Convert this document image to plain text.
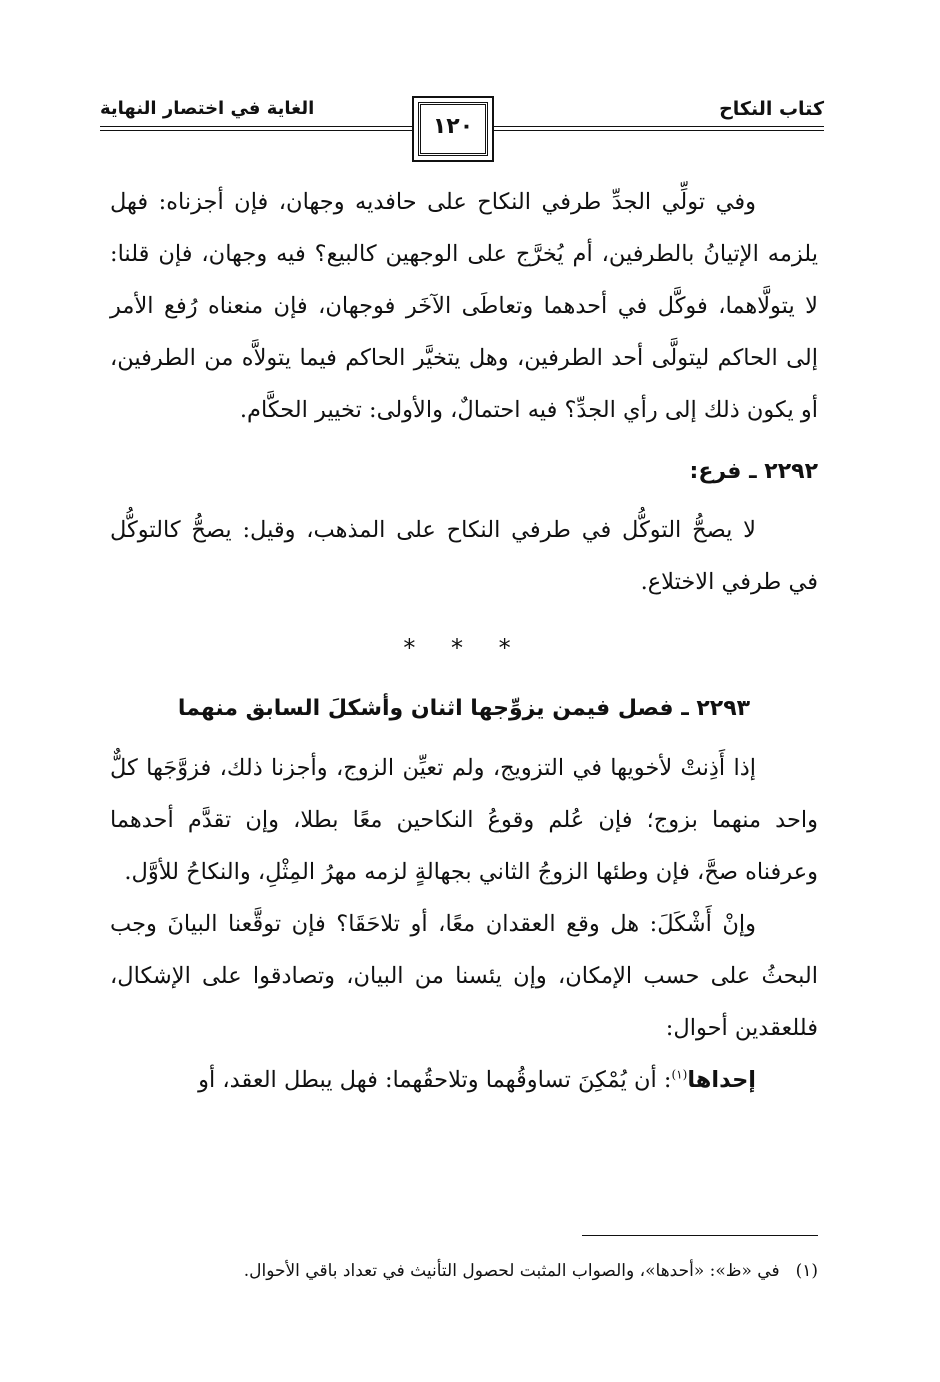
كتاب النكاح
الغاية في اختصار النهاية
١٢٠

وفي تولِّي الجدِّ طرفي النكاح على حافديه وجهان، فإن أجزناه: فهل يلزمه الإتيانُ بالطرفين، أم يُخرَّج على الوجهين كالبيع؟ فيه وجهان، فإن قلنا: لا يتولَّاهما، فوكَّل في أحدهما وتعاطَى الآخَر فوجهان، فإن منعناه رُفع الأمر إلى الحاكم ليتولَّى أحد الطرفين، وهل يتخيَّر الحاكم فيما يتولاَّه من الطرفين، أو يكون ذلك إلى رأي الجدِّ؟ فيه احتمالٌ، والأولى: تخيير الحكَّام.

٢٢٩٢ ـ فرع:

لا يصحُّ التوكُّل في طرفي النكاح على المذهب، وقيل: يصحُّ كالتوكُّل في طرفي الاختلاع.

* * *
٢٢٩٣ ـ فصل فيمن يزوِّجها اثنان وأشكلَ السابق منهما

إذا أَذِنتْ لأخويها في التزويج، ولم تعيِّن الزوج، وأجزنا ذلك، فزوَّجَها كلٌّ واحد منهما بزوج؛ فإن عُلم وقوعُ النكاحين معًا بطلا، وإن تقدَّم أحدهما وعرفناه صحَّ، فإن وطئها الزوجُ الثاني بجهالةٍ لزمه مهرُ المِثْلِ، والنكاحُ للأوَّل.

وإنْ أَشْكَلَ: هل وقع العقدان معًا، أو تلاحَقَا؟ فإن توقَّعنا البيانَ وجب البحثُ على حسب الإمكان، وإن يئسنا من البيان، وتصادقوا على الإشكال، فللعقدين أحوال:

إحداها$^{(١)}$: أن يُمْكِنَ تساوقُهما وتلاحقُهما: فهل يبطل العقد، أو

(١)في «ظ»: «أحدها»، والصواب المثبت لحصول التأنيث في تعداد باقي الأحوال.
